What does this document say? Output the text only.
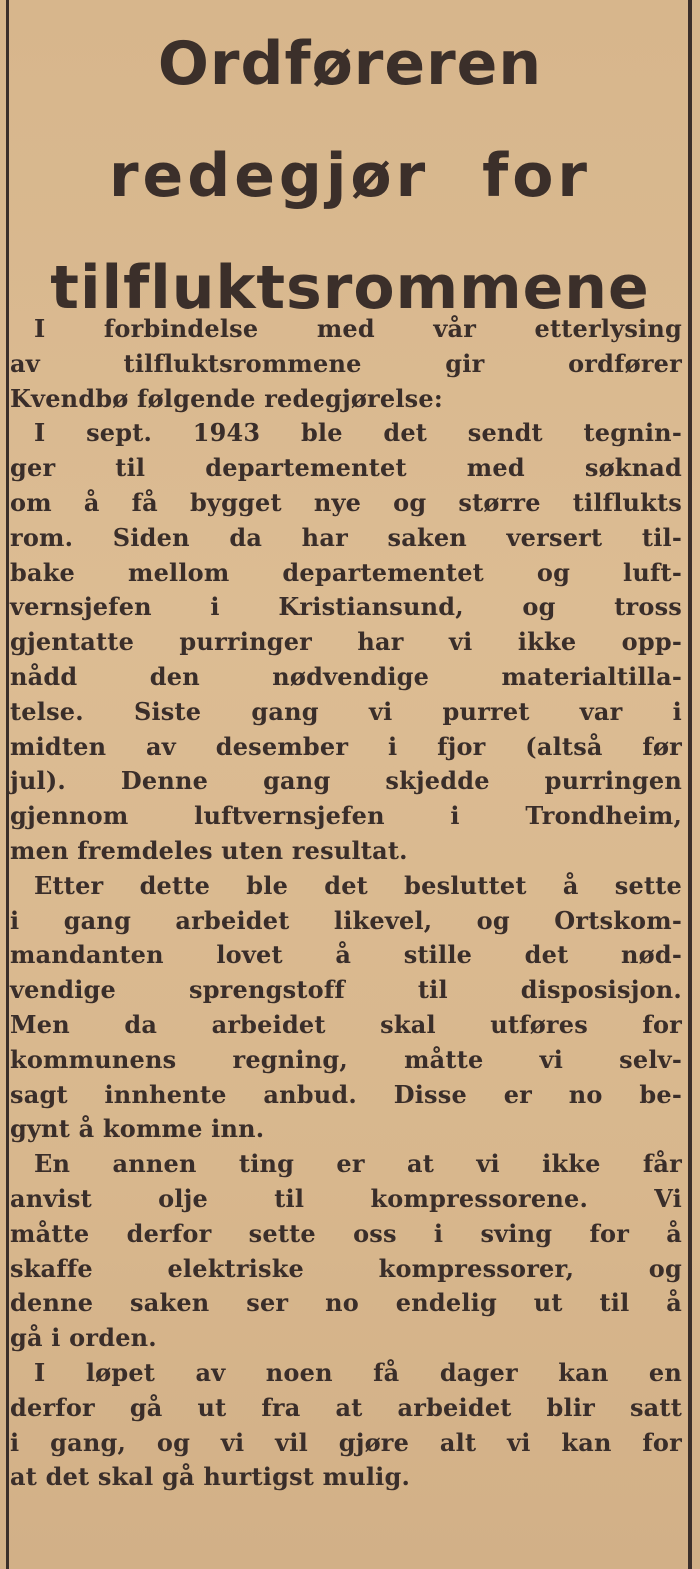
Ordføreren
redegjør for
tilfluktsrommene
I forbindelse med vår etterlysing
av tilfluktsrommene gir ordfører
Kvendbø følgende redegjørelse:
I sept. 1943 ble det sendt tegnin-
ger til departementet med søknad
om å få bygget nye og større tilflukts
rom. Siden da har saken versert til-
bake mellom departementet og luft-
vernsjefen i Kristiansund, og tross
gjentatte purringer har vi ikke opp-
nådd den nødvendige materialtilla-
telse. Siste gang vi purret var i
midten av desember i fjor (altså før
jul). Denne gang skjedde purringen
gjennom luftvernsjefen i Trondheim,
men fremdeles uten resultat.
Etter dette ble det besluttet å sette
i gang arbeidet likevel, og Ortskom-
mandanten lovet å stille det nød-
vendige sprengstoff til disposisjon.
Men da arbeidet skal utføres for
kommunens regning, måtte vi selv-
sagt innhente anbud. Disse er no be-
gynt å komme inn.
En annen ting er at vi ikke får
anvist olje til kompressorene. Vi
måtte derfor sette oss i sving for å
skaffe elektriske kompressorer, og
denne saken ser no endelig ut til å
gå i orden.
I løpet av noen få dager kan en
derfor gå ut fra at arbeidet blir satt
i gang, og vi vil gjøre alt vi kan for
at det skal gå hurtigst mulig.
